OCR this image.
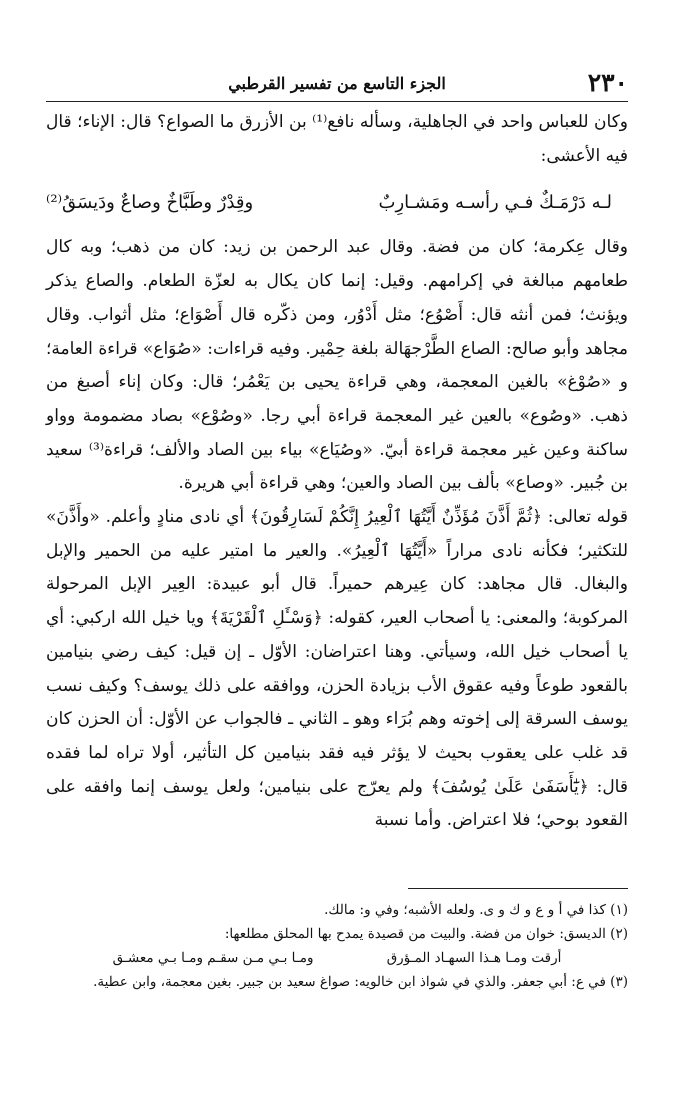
٢٣٠
الجزء التاسع من تفسير القرطبي

وكان للعباس واحد في الجاهلية، وسأله نافع⁽¹⁾ بن الأزرق ما الصواع؟ قال: الإناء؛ قال فيه الأعشى:

لـه دَرْمَـكٌ فـي رأسـه ومَشـارِبٌ
وقِدْرٌ وطَبَّاخٌ وصاعٌ ودَيسَقُ⁽²⁾

وقال عِكرمة؛ كان من فضة. وقال عبد الرحمن بن زيد: كان من ذهب؛ وبه كال طعامهم مبالغة في إكرامهم. وقيل: إنما كان يكال به لعزّة الطعام. والصاع يذكر ويؤنث؛ فمن أنثه قال: أَصْوُع؛ مثل أَدْوُر، ومن ذكّره قال أَصْوَاع؛ مثل أثواب. وقال مجاهد وأبو صالح: الصاع الطَّرْجهَالة بلغة حِمْير. وفيه قراءات: «صُوَاع» قراءة العامة؛ و «صُوْغ» بالغين المعجمة، وهي قراءة يحيى بن يَعْمُر؛ قال: وكان إناء أصبغ من ذهب. «وصُوع» بالعين غير المعجمة قراءة أبي رجا. «وصُوْع» بصاد مضمومة وواو ساكنة وعين غير معجمة قراءة أبيّ. «وصُيَاع» بياء بين الصاد والألف؛ قراءة⁽³⁾ سعيد بن جُبير. «وصاع» بألف بين الصاد والعين؛ وهي قراءة أبي هريرة.

قوله تعالى: ﴿ثُمَّ أَذَّنَ مُؤَذِّنٌ أَيَّتُهَا ٱلْعِيرُ إِنَّكُمْ لَسَارِقُونَ﴾ أي نادى منادٍ وأعلم. «وأَذَّنَ» للتكثير؛ فكأنه نادى مراراً «أَيَّتُهَا ٱلْعِيرُ». والعير ما امتير عليه من الحمير والإبل والبغال. قال مجاهد: كان عِيرهم حميراً. قال أبو عبيدة: العِير الإبل المرحولة المركوبة؛ والمعنى: يا أصحاب العير، كقوله: ﴿وَسْـَٔلِ ٱلْقَرْيَةَ﴾ ويا خيل الله اركبي: أي يا أصحاب خيل الله، وسيأتي. وهنا اعتراضان: الأوّل ـ إن قيل: كيف رضي بنيامين بالقعود طوعاً وفيه عقوق الأب بزيادة الحزن، ووافقه على ذلك يوسف؟ وكيف نسب يوسف السرقة إلى إخوته وهم بُرَاء وهو ـ الثاني ـ فالجواب عن الأوّل: أن الحزن كان قد غلب على يعقوب بحيث لا يؤثر فيه فقد بنيامين كل التأثير، أولا تراه لما فقده قال: ﴿يَٰٓأَسَفَىٰ عَلَىٰ يُوسُفَ﴾ ولم يعرّج على بنيامين؛ ولعل يوسف إنما وافقه على القعود بوحي؛ فلا اعتراض. وأما نسبة

(١) كذا في أ و ع و ك و ى. ولعله الأشبه؛ وفي و: مالك.

(٢) الديسق: خوان من فضة. والبيت من قصيدة يمدح بها المحلق مطلعها:

أرقت ومـا هـذا السهـاد المـؤرق
ومـا بـي مـن سقـم ومـا بـي معشـق

(٣) في ع: أبي جعفر. والذي في شواذ ابن خالويه: صواغ سعيد بن جبير. بغين معجمة، وابن عطية.
